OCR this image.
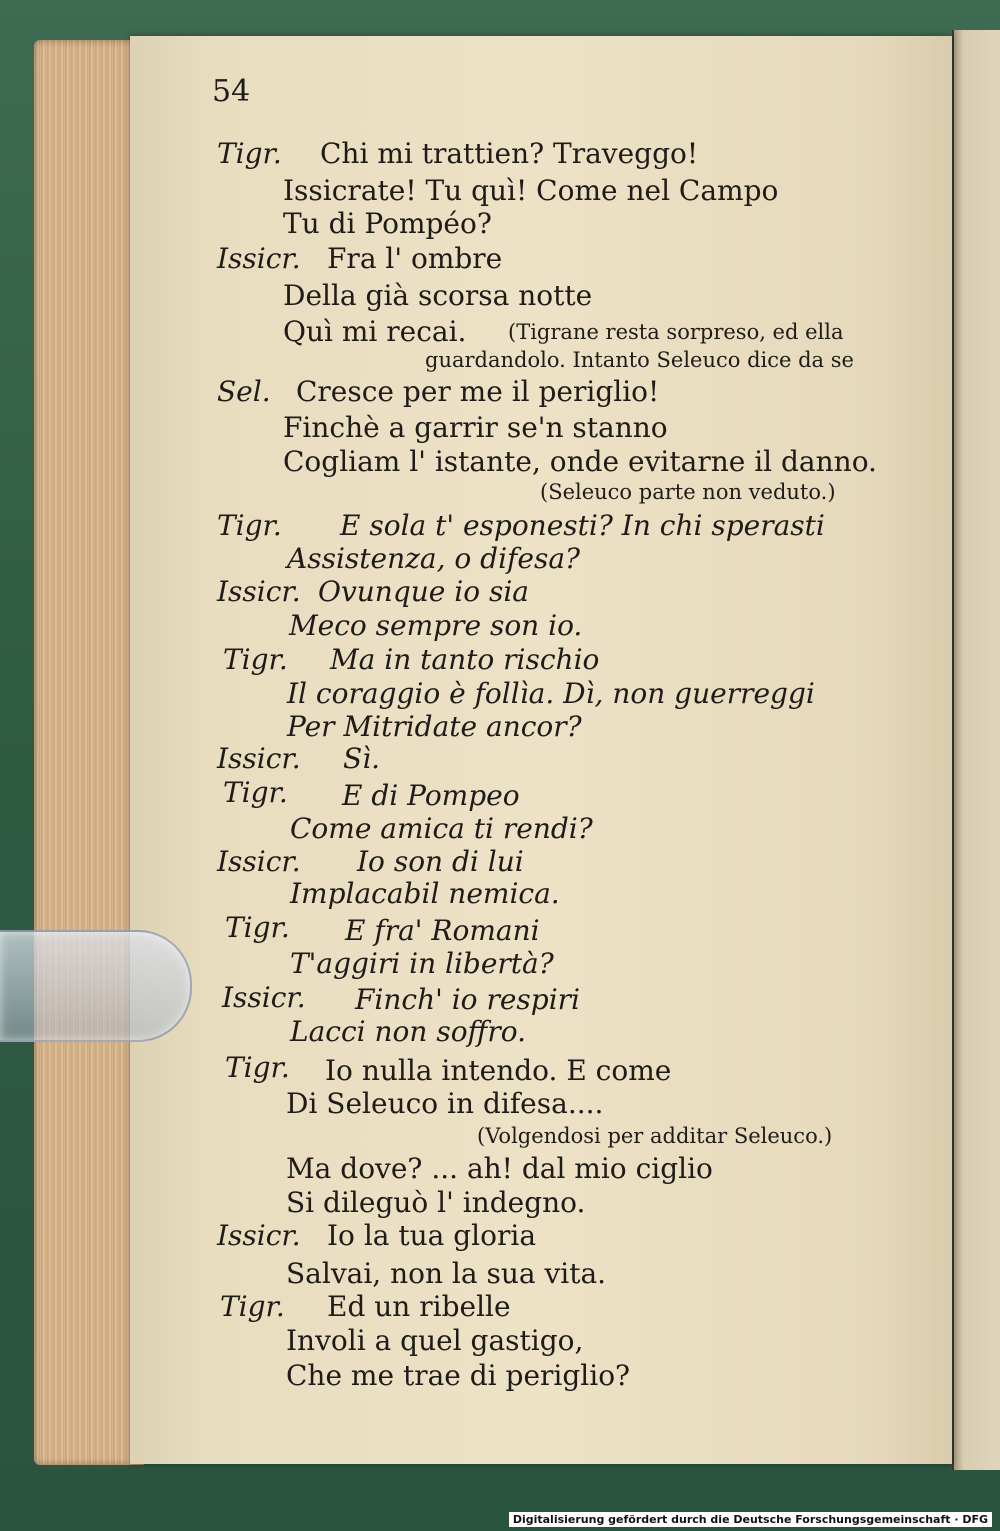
54
Tigr. Chi mi trattien? Traveggo!
Issicrate! Tu quì! Come nel Campo
Tu di Pompéo?
Issicr. Fra l' ombre
Della già scorsa notte
Quì mi recai. (Tigrane resta sorpreso, ed ella
guardandolo. Intanto Seleuco dice da se
Sel. Cresce per me il periglio!
Finchè a garrir se'n stanno
Cogliam l' istante, onde evitarne il danno.
(Seleuco parte non veduto.)
Tigr. E sola t' esponesti? In chi sperasti
Assistenza, o difesa?
Issicr. Ovunque io sia
Meco sempre son io.
Tigr. Ma in tanto rischio
Il coraggio è follìa. Dì, non guerreggi
Per Mitridate ancor?
Issicr. Sì.
Tigr. E di Pompeo
Come amica ti rendi?
Issicr. Io son di lui
Implacabil nemica.
Tigr. E fra' Romani
T'aggiri in libertà?
Issicr. Finch' io respiri
Lacci non soffro.
Tigr. Io nulla intendo. E come
Di Seleuco in difesa....
(Volgendosi per additar Seleuco.)
Ma dove? ... ah! dal mio ciglio
Si dileguò l' indegno.
Issicr. Io la tua gloria
Salvai, non la sua vita.
Tigr. Ed un ribelle
Involi a quel gastigo,
Che me trae di periglio?
Digitalisierung gefördert durch die Deutsche Forschungsgemeinschaft · DFG
